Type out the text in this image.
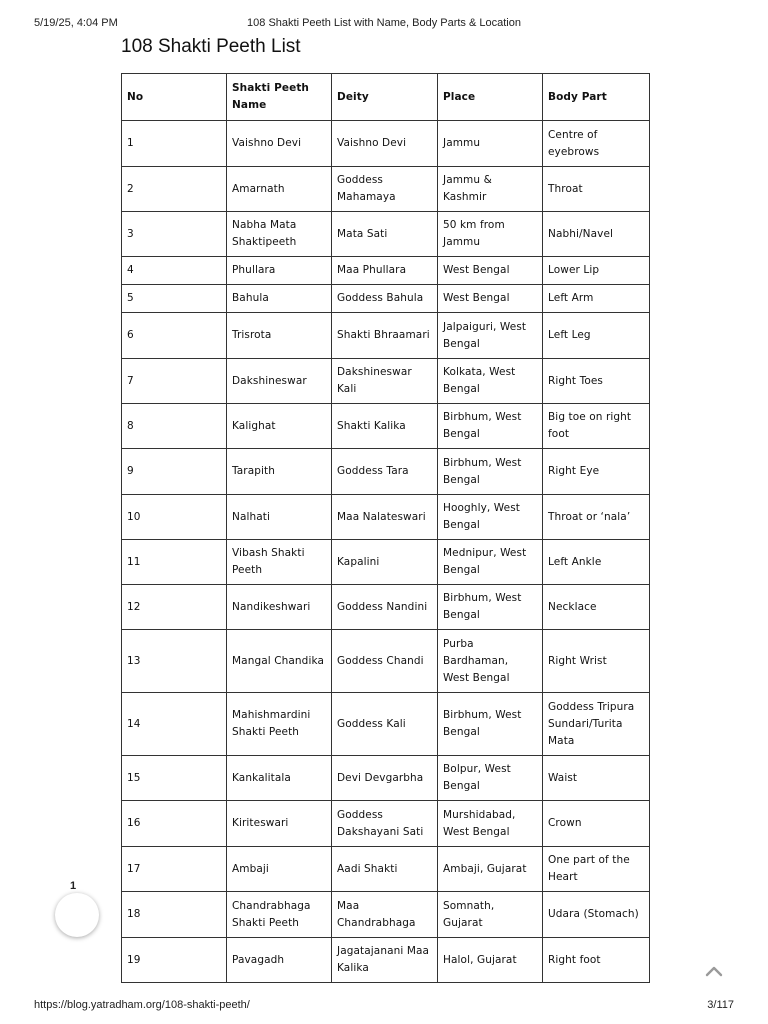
5/19/25, 4:04 PM	108 Shakti Peeth List with Name, Body Parts & Location
108 Shakti Peeth List
No	Shakti Peeth Name	Deity	Place	Body Part
1	Vaishno Devi	Vaishno Devi	Jammu	Centre of eyebrows
2	Amarnath	Goddess Mahamaya	Jammu & Kashmir	Throat
3	Nabha Mata Shaktipeeth	Mata Sati	50 km from Jammu	Nabhi/Navel
4	Phullara	Maa Phullara	West Bengal	Lower Lip
5	Bahula	Goddess Bahula	West Bengal	Left Arm
6	Trisrota	Shakti Bhraamari	Jalpaiguri, West Bengal	Left Leg
7	Dakshineswar	Dakshineswar Kali	Kolkata, West Bengal	Right Toes
8	Kalighat	Shakti Kalika	Birbhum, West Bengal	Big toe on right foot
9	Tarapith	Goddess Tara	Birbhum, West Bengal	Right Eye
10	Nalhati	Maa Nalateswari	Hooghly, West Bengal	Throat or ‘nala’
11	Vibash Shakti Peeth	Kapalini	Mednipur, West Bengal	Left Ankle
12	Nandikeshwari	Goddess Nandini	Birbhum, West Bengal	Necklace
13	Mangal Chandika	Goddess Chandi	Purba Bardhaman, West Bengal	Right Wrist
14	Mahishmardini Shakti Peeth	Goddess Kali	Birbhum, West Bengal	Goddess Tripura Sundari/Turita Mata
15	Kankalitala	Devi Devgarbha	Bolpur, West Bengal	Waist
16	Kiriteswari	Goddess Dakshayani Sati	Murshidabad, West Bengal	Crown
17	Ambaji	Aadi Shakti	Ambaji, Gujarat	One part of the Heart
18	Chandrabhaga Shakti Peeth	Maa Chandrabhaga	Somnath, Gujarat	Udara (Stomach)
19	Pavagadh	Jagatajanani Maa Kalika	Halol, Gujarat	Right foot
1
https://blog.yatradham.org/108-shakti-peeth/	3/117
